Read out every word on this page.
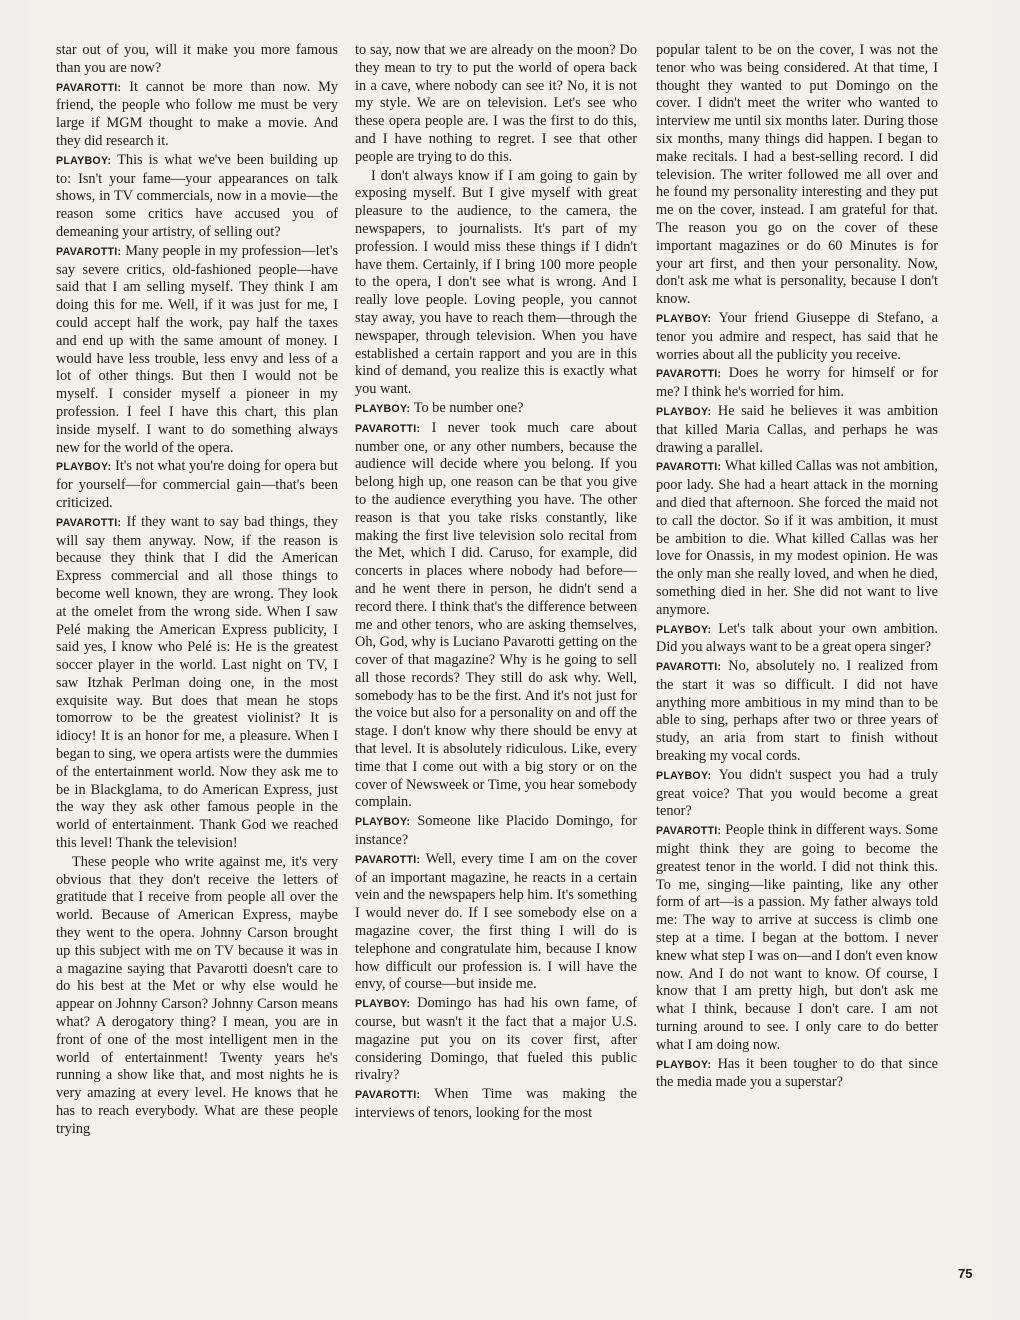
star out of you, will it make you more famous than you are now?

PAVAROTTI: It cannot be more than now. My friend, the people who follow me must be very large if MGM thought to make a movie. And they did research it.

PLAYBOY: This is what we've been building up to: Isn't your fame—your appearances on talk shows, in TV commercials, now in a movie—the reason some critics have accused you of demeaning your artistry, of selling out?

PAVAROTTI: Many people in my profession—let's say severe critics, old-fashioned people—have said that I am selling myself. They think I am doing this for me. Well, if it was just for me, I could accept half the work, pay half the taxes and end up with the same amount of money. I would have less trouble, less envy and less of a lot of other things. But then I would not be myself. I consider myself a pioneer in my profession. I feel I have this chart, this plan inside myself. I want to do something always new for the world of the opera.

PLAYBOY: It's not what you're doing for opera but for yourself—for commercial gain—that's been criticized.

PAVAROTTI: If they want to say bad things, they will say them anyway. Now, if the reason is because they think that I did the American Express commercial and all those things to become well known, they are wrong. They look at the omelet from the wrong side. When I saw Pelé making the American Express publicity, I said yes, I know who Pelé is: He is the greatest soccer player in the world. Last night on TV, I saw Itzhak Perlman doing one, in the most exquisite way. But does that mean he stops tomorrow to be the greatest violinist? It is idiocy! It is an honor for me, a pleasure. When I began to sing, we opera artists were the dummies of the entertainment world. Now they ask me to be in Blackglama, to do American Express, just the way they ask other famous people in the world of entertainment. Thank God we reached this level! Thank the television!

These people who write against me, it's very obvious that they don't receive the letters of gratitude that I receive from people all over the world. Because of American Express, maybe they went to the opera. Johnny Carson brought up this subject with me on TV because it was in a magazine saying that Pavarotti doesn't care to do his best at the Met or why else would he appear on Johnny Carson? Johnny Carson means what? A derogatory thing? I mean, you are in front of one of the most intelligent men in the world of entertainment! Twenty years he's running a show like that, and most nights he is very amazing at every level. He knows that he has to reach everybody. What are these people trying

to say, now that we are already on the moon? Do they mean to try to put the world of opera back in a cave, where nobody can see it? No, it is not my style. We are on television. Let's see who these opera people are. I was the first to do this, and I have nothing to regret. I see that other people are trying to do this.

I don't always know if I am going to gain by exposing myself. But I give myself with great pleasure to the audience, to the camera, the newspapers, to journalists. It's part of my profession. I would miss these things if I didn't have them. Certainly, if I bring 100 more people to the opera, I don't see what is wrong. And I really love people. Loving people, you cannot stay away, you have to reach them—through the newspaper, through television. When you have established a certain rapport and you are in this kind of demand, you realize this is exactly what you want.

PLAYBOY: To be number one?

PAVAROTTI: I never took much care about number one, or any other numbers, because the audience will decide where you belong. If you belong high up, one reason can be that you give to the audience everything you have. The other reason is that you take risks constantly, like making the first live television solo recital from the Met, which I did. Caruso, for example, did concerts in places where nobody had before—and he went there in person, he didn't send a record there. I think that's the difference between me and other tenors, who are asking themselves, Oh, God, why is Luciano Pavarotti getting on the cover of that magazine? Why is he going to sell all those records? They still do ask why. Well, somebody has to be the first. And it's not just for the voice but also for a personality on and off the stage. I don't know why there should be envy at that level. It is absolutely ridiculous. Like, every time that I come out with a big story or on the cover of Newsweek or Time, you hear somebody complain.

PLAYBOY: Someone like Placido Domingo, for instance?

PAVAROTTI: Well, every time I am on the cover of an important magazine, he reacts in a certain vein and the newspapers help him. It's something I would never do. If I see somebody else on a magazine cover, the first thing I will do is telephone and congratulate him, because I know how difficult our profession is. I will have the envy, of course—but inside me.

PLAYBOY: Domingo has had his own fame, of course, but wasn't it the fact that a major U.S. magazine put you on its cover first, after considering Domingo, that fueled this public rivalry?

PAVAROTTI: When Time was making the interviews of tenors, looking for the most

popular talent to be on the cover, I was not the tenor who was being considered. At that time, I thought they wanted to put Domingo on the cover. I didn't meet the writer who wanted to interview me until six months later. During those six months, many things did happen. I began to make recitals. I had a best-selling record. I did television. The writer followed me all over and he found my personality interesting and they put me on the cover, instead. I am grateful for that. The reason you go on the cover of these important magazines or do 60 Minutes is for your art first, and then your personality. Now, don't ask me what is personality, because I don't know.

PLAYBOY: Your friend Giuseppe di Stefano, a tenor you admire and respect, has said that he worries about all the publicity you receive.

PAVAROTTI: Does he worry for himself or for me? I think he's worried for him.

PLAYBOY: He said he believes it was ambition that killed Maria Callas, and perhaps he was drawing a parallel.

PAVAROTTI: What killed Callas was not ambition, poor lady. She had a heart attack in the morning and died that afternoon. She forced the maid not to call the doctor. So if it was ambition, it must be ambition to die. What killed Callas was her love for Onassis, in my modest opinion. He was the only man she really loved, and when he died, something died in her. She did not want to live anymore.

PLAYBOY: Let's talk about your own ambition. Did you always want to be a great opera singer?

PAVAROTTI: No, absolutely no. I realized from the start it was so difficult. I did not have anything more ambitious in my mind than to be able to sing, perhaps after two or three years of study, an aria from start to finish without breaking my vocal cords.

PLAYBOY: You didn't suspect you had a truly great voice? That you would become a great tenor?

PAVAROTTI: People think in different ways. Some might think they are going to become the greatest tenor in the world. I did not think this. To me, singing—like painting, like any other form of art—is a passion. My father always told me: The way to arrive at success is climb one step at a time. I began at the bottom. I never knew what step I was on—and I don't even know now. And I do not want to know. Of course, I know that I am pretty high, but don't ask me what I think, because I don't care. I am not turning around to see. I only care to do better what I am doing now.

PLAYBOY: Has it been tougher to do that since the media made you a superstar?

75
